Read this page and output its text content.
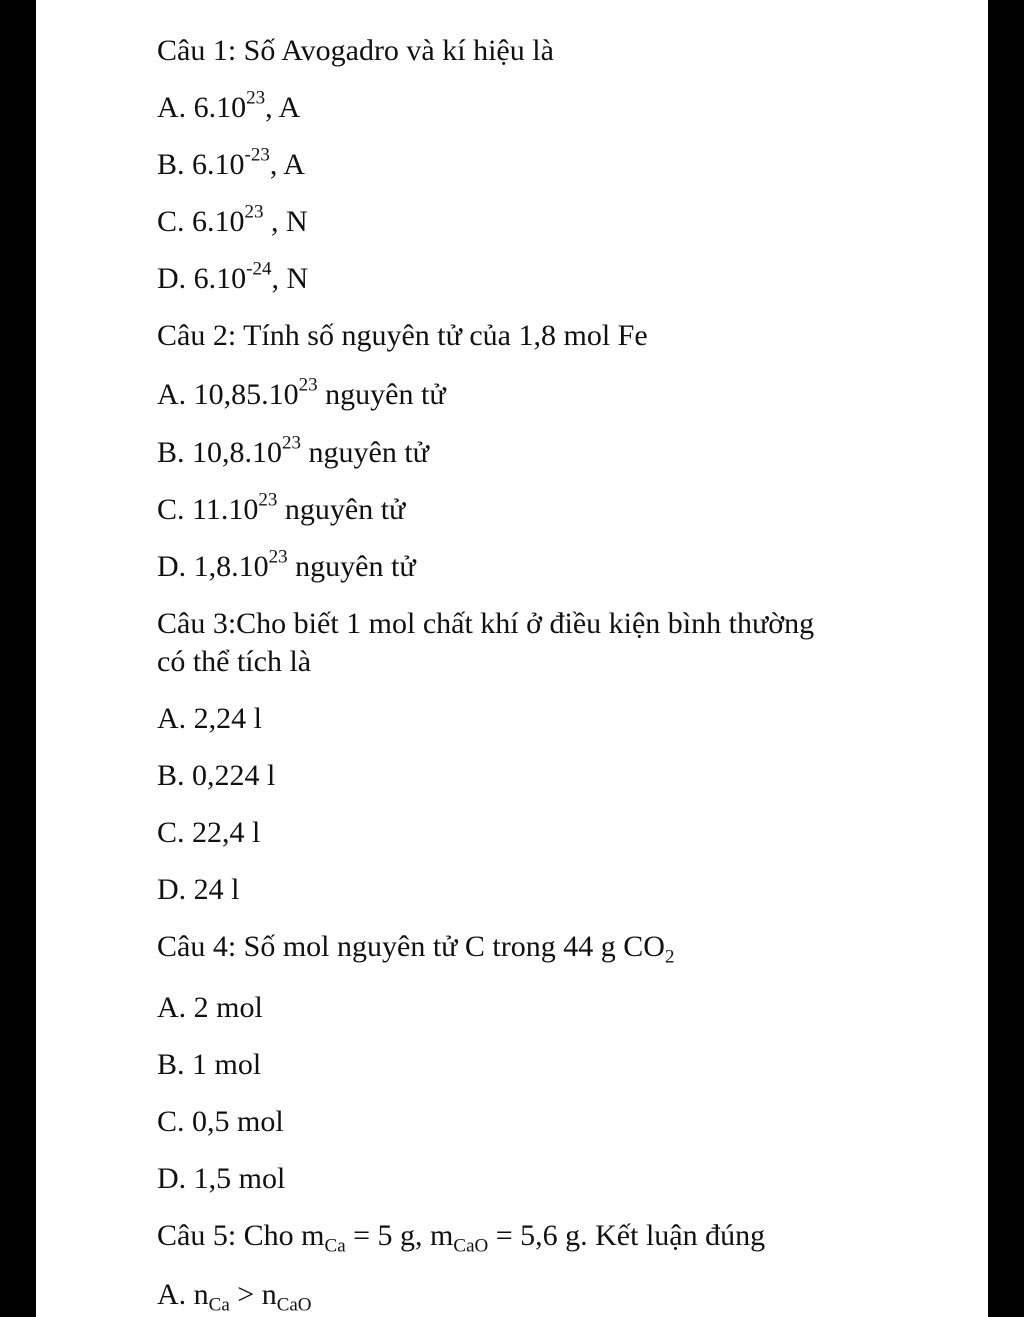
Câu 1: Số Avogadro và kí hiệu là

A. 6.10$^{23}$, A

B. $6.10^{-23}$, A

C. 6.10$^{23}$ , N

D. $6.10^{-24}$, N

Câu 2: Tính số nguyên tử của 1,8 mol Fe

A. 10,85.10$^{23}$ nguyên tử

B. 10,8.10$^{23}$ nguyên tử

C. 11.10$^{23}$ nguyên tử

D. 1,8.10$^{23}$ nguyên tử

Câu 3:Cho biết 1 mol chất khí ở điều kiện bình thường

có thể tích là

A. 2,24 l

B. 0,224 l

C. 22,4 l

D. 24 l

Câu 4: Số mol nguyên tử C trong 44 g $CO_2$

A. 2 mol

B. 1 mol

C. 0,5 mol

D. 1,5 mol

Câu 5: Cho $m_{Ca} = 5$ g, $m_{CaO} = 5,6$ g. Kết luận đúng

A. $n_{Ca} > n_{CaO}$
